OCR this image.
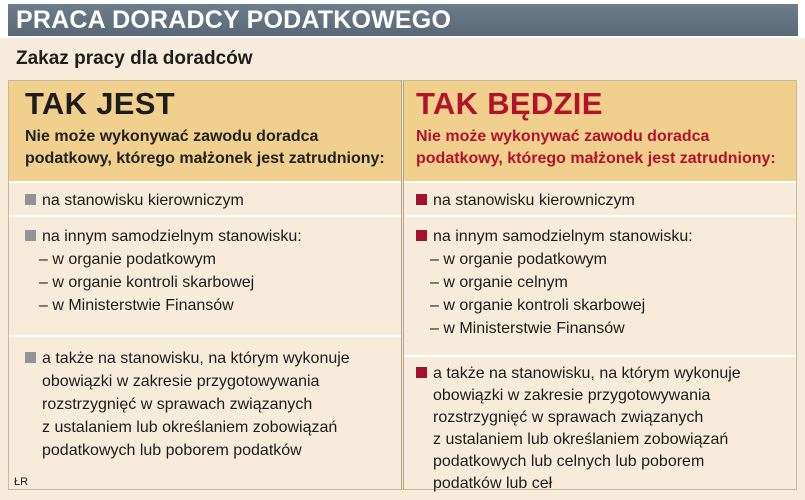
PRACA DORADCY PODATKOWEGO
Zakaz pracy dla doradców
TAK JEST
Nie może wykonywać zawodu doradca
podatkowy, którego małżonek jest zatrudniony:
na stanowisku kierowniczym
na innym samodzielnym stanowisku:
– w organie podatkowym
– w organie kontroli skarbowej
– w Ministerstwie Finansów
a także na stanowisku, na którym wykonuje
obowiązki w zakresie przygotowywania
rozstrzygnięć w sprawach związanych
z ustalaniem lub określaniem zobowiązań
podatkowych lub poborem podatków
TAK BĘDZIE
Nie może wykonywać zawodu doradca
podatkowy, którego małżonek jest zatrudniony:
na stanowisku kierowniczym
na innym samodzielnym stanowisku:
– w organie podatkowym
– w organie celnym
– w organie kontroli skarbowej
– w Ministerstwie Finansów
a także na stanowisku, na którym wykonuje
obowiązki w zakresie przygotowywania
rozstrzygnięć w sprawach związanych
z ustalaniem lub określaniem zobowiązań
podatkowych lub celnych lub poborem
podatków lub ceł
ŁR
